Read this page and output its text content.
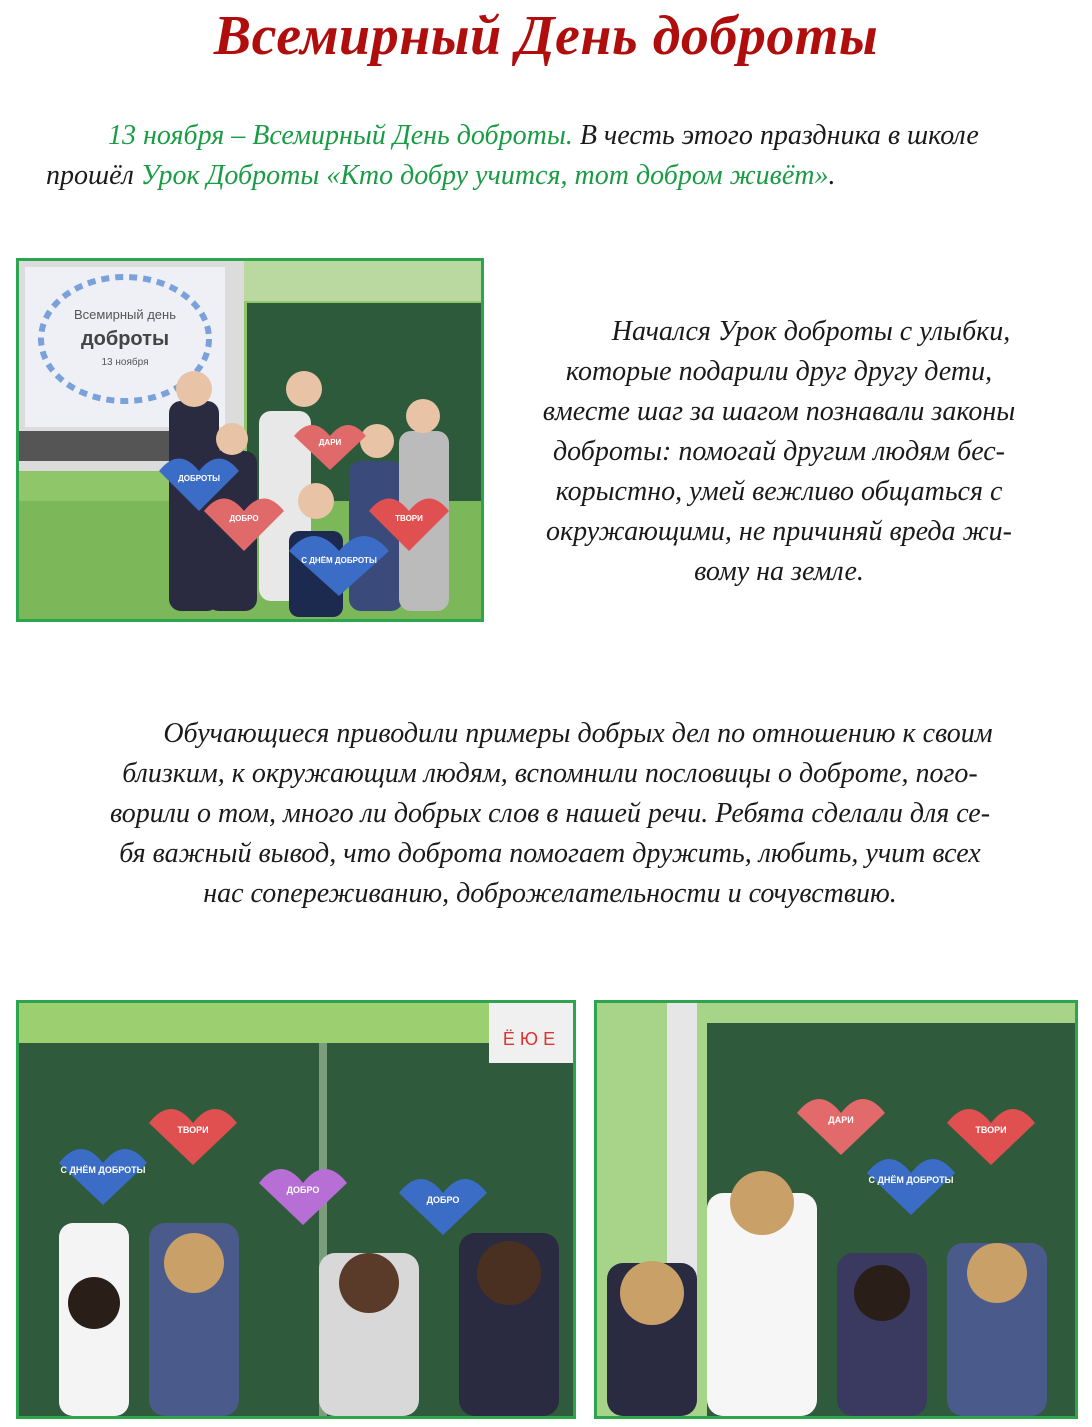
Всемирный День доброты
13 ноября – Всемирный День доброты. В честь этого праздника в школе прошёл Урок Доброты «Кто добру учится, тот добром живёт».
Всемирный день
доброты
13 ноября
ДОБРОТЫ
ДОБРО	ТВОРИ
С ДНЁМ ДОБРОТЫ
ДАРИ
Начался Урок доброты с улыбки,
которые подарили друг другу дети,
вместе шаг за шагом познавали законы
доброты: помогай другим людям бес-
корыстно, умей вежливо общаться с
окружающими, не причиняй вреда жи-
вому на земле.
Обучающиеся приводили примеры добрых дел по отношению к своим
близким, к окружающим людям, вспомнили пословицы о доброте, пого-
ворили о том, много ли добрых слов в нашей речи. Ребята сделали для се-
бя важный вывод, что доброта помогает дружить, любить, учит всех
нас сопереживанию, доброжелательности и сочувствию.
Ё Ю Е
С ДНЁМ ДОБРОТЫ
ТВОРИ
ДОБРО
ДОБРО
ДАРИ
С ДНЁМ ДОБРОТЫ
ТВОРИ
